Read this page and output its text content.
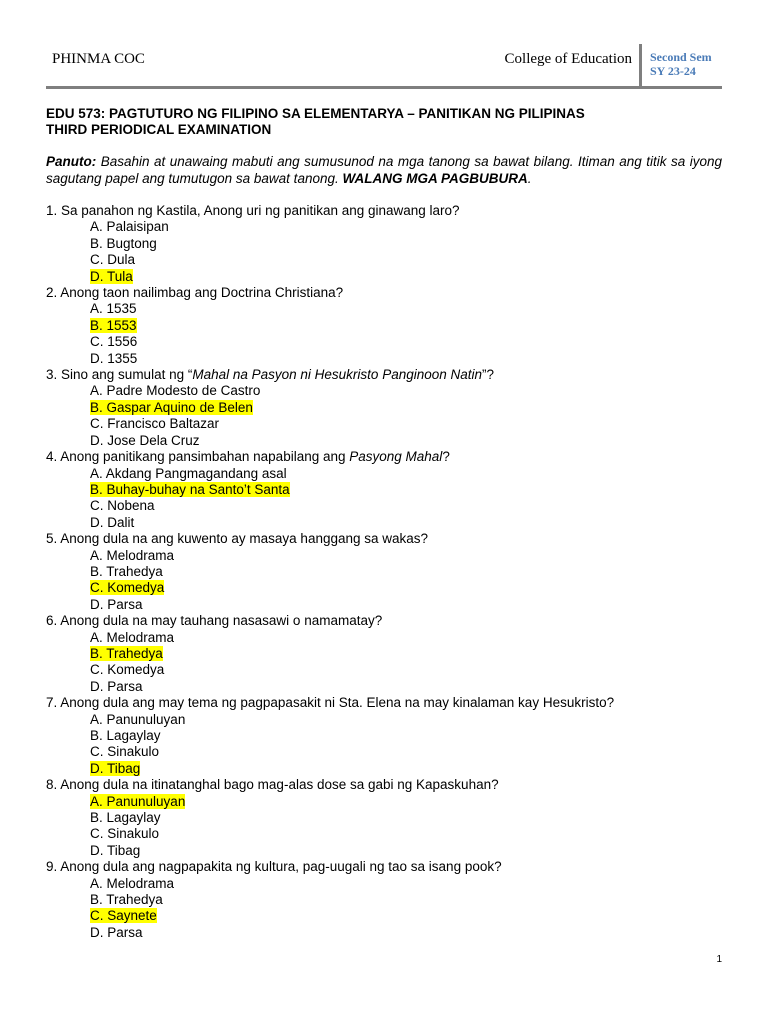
PHINMA COC	College of Education Second Sem
SY 23-24
EDU 573: PAGTUTURO NG FILIPINO SA ELEMENTARYA – PANITIKAN NG PILIPINAS
THIRD PERIODICAL EXAMINATION
Panuto: Basahin at unawaing mabuti ang sumusunod na mga tanong sa bawat bilang. Itiman ang titik sa iyong sagutang papel ang tumutugon sa bawat tanong. WALANG MGA PAGBUBURA.
1. Sa panahon ng Kastila, Anong uri ng panitikan ang ginawang laro?
A. Palaisipan
B. Bugtong
C. Dula
D. Tula
2. Anong taon nailimbag ang Doctrina Christiana?
A. 1535
B. 1553
C. 1556
D. 1355
3. Sino ang sumulat ng “Mahal na Pasyon ni Hesukristo Panginoon Natin”?
A. Padre Modesto de Castro
B. Gaspar Aquino de Belen
C. Francisco Baltazar
D. Jose Dela Cruz
4. Anong panitikang pansimbahan napabilang ang Pasyong Mahal?
A. Akdang Pangmagandang asal
B. Buhay-buhay na Santo’t Santa
C. Nobena
D. Dalit
5. Anong dula na ang kuwento ay masaya hanggang sa wakas?
A. Melodrama
B. Trahedya
C. Komedya
D. Parsa
6. Anong dula na may tauhang nasasawi o namamatay?
A. Melodrama
B. Trahedya
C. Komedya
D. Parsa
7. Anong dula ang may tema ng pagpapasakit ni Sta. Elena na may kinalaman kay Hesukristo?
A. Panunuluyan
B. Lagaylay
C. Sinakulo
D. Tibag
8. Anong dula na itinatanghal bago mag-alas dose sa gabi ng Kapaskuhan?
A. Panunuluyan
B. Lagaylay
C. Sinakulo
D. Tibag
9. Anong dula ang nagpapakita ng kultura, pag-uugali ng tao sa isang pook?
A. Melodrama
B. Trahedya
C. Saynete
D. Parsa
1
